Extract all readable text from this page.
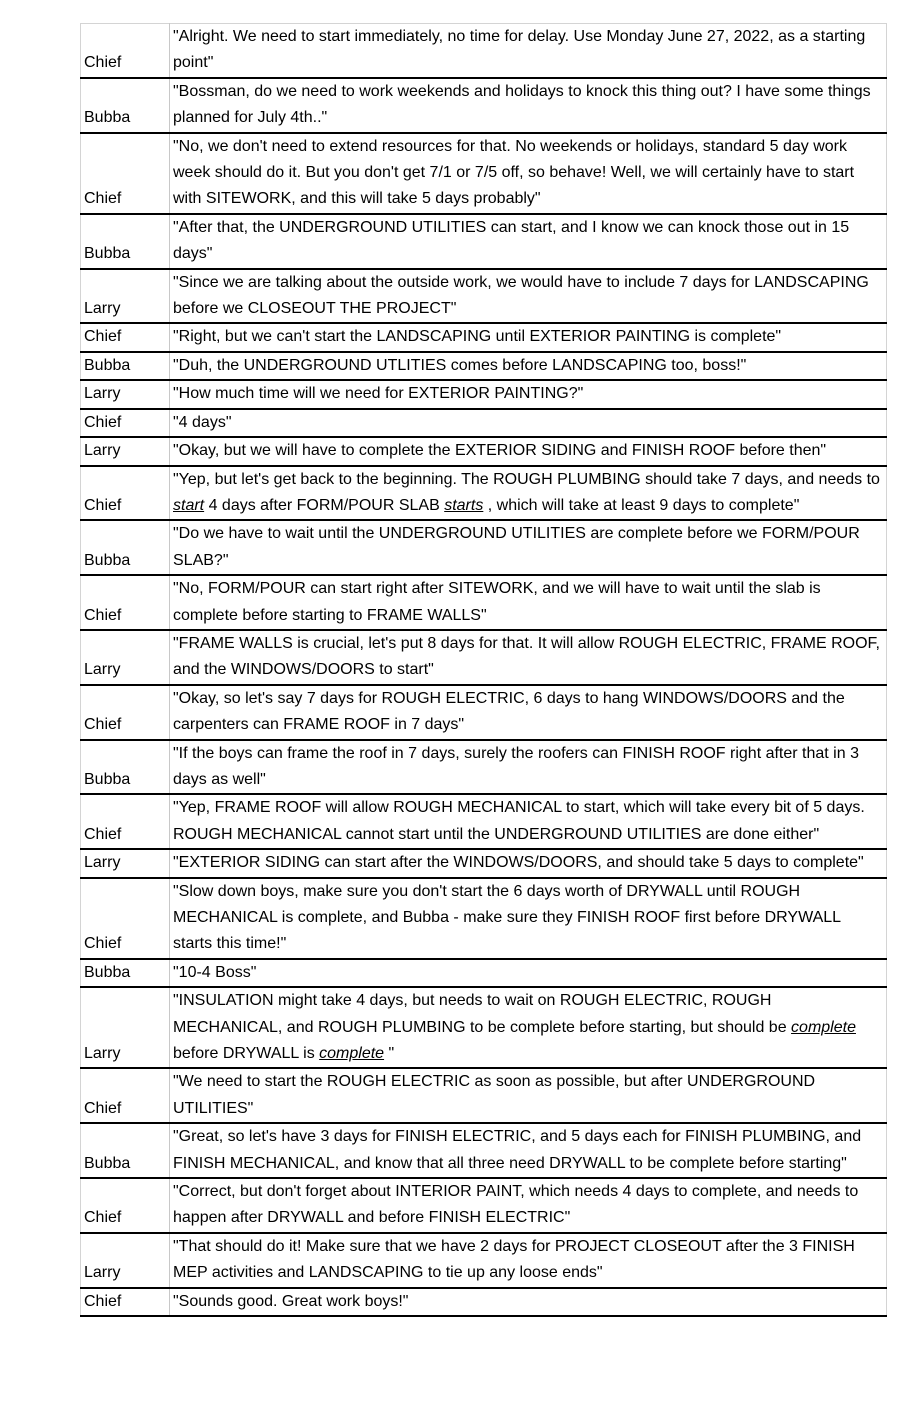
Chief	"Alright. We need to start immediately, no time for delay. Use Monday June 27, 2022, as a starting point"
Bubba	"Bossman, do we need to work weekends and holidays to knock this thing out? I have some things planned for July 4th.."
Chief	"No, we don't need to extend resources for that. No weekends or holidays, standard 5 day work week should do it. But you don't get 7/1 or 7/5 off, so behave! Well, we will certainly have to start with SITEWORK, and this will take 5 days probably"
Bubba	"After that, the UNDERGROUND UTILITIES can start, and I know we can knock those out in 15 days"
Larry	"Since we are talking about the outside work, we would have to include 7 days for LANDSCAPING before we CLOSEOUT THE PROJECT"
Chief	"Right, but we can't start the LANDSCAPING until EXTERIOR PAINTING is complete"
Bubba	"Duh, the UNDERGROUND UTLITIES comes before LANDSCAPING too, boss!"
Larry	"How much time will we need for EXTERIOR PAINTING?"
Chief	"4 days"
Larry	"Okay, but we will have to complete the EXTERIOR SIDING and FINISH ROOF before then"
Chief	"Yep, but let's get back to the beginning. The ROUGH PLUMBING should take 7 days, and needs to start 4 days after FORM/POUR SLAB starts , which will take at least 9 days to complete"
Bubba	"Do we have to wait until the UNDERGROUND UTILITIES are complete before we FORM/POUR SLAB?"
Chief	"No, FORM/POUR can start right after SITEWORK, and we will have to wait until the slab is complete before starting to FRAME WALLS"
Larry	"FRAME WALLS is crucial, let's put 8 days for that. It will allow ROUGH ELECTRIC, FRAME ROOF, and the WINDOWS/DOORS to start"
Chief	"Okay, so let's say 7 days for ROUGH ELECTRIC, 6 days to hang WINDOWS/DOORS and the carpenters can FRAME ROOF in 7 days"
Bubba	"If the boys can frame the roof in 7 days, surely the roofers can FINISH ROOF right after that in 3 days as well"
Chief	"Yep, FRAME ROOF will allow ROUGH MECHANICAL to start, which will take every bit of 5 days. ROUGH MECHANICAL cannot start until the UNDERGROUND UTILITIES are done either"
Larry	"EXTERIOR SIDING can start after the WINDOWS/DOORS, and should take 5 days to complete"
Chief	"Slow down boys, make sure you don't start the 6 days worth of DRYWALL until ROUGH MECHANICAL is complete, and Bubba - make sure they FINISH ROOF first before DRYWALL starts this time!"
Bubba	"10-4 Boss"
Larry	"INSULATION might take 4 days, but needs to wait on ROUGH ELECTRIC, ROUGH MECHANICAL, and ROUGH PLUMBING to be complete before starting, but should be complete before DRYWALL is complete "
Chief	"We need to start the ROUGH ELECTRIC as soon as possible, but after UNDERGROUND UTILITIES"
Bubba	"Great, so let's have 3 days for FINISH ELECTRIC, and 5 days each for FINISH PLUMBING, and FINISH MECHANICAL, and know that all three need DRYWALL to be complete before starting"
Chief	"Correct, but don't forget about INTERIOR PAINT, which needs 4 days to complete, and needs to happen after DRYWALL and before FINISH ELECTRIC"
Larry	"That should do it! Make sure that we have 2 days for PROJECT CLOSEOUT after the 3 FINISH MEP activities and LANDSCAPING to tie up any loose ends"
Chief	"Sounds good. Great work boys!"
